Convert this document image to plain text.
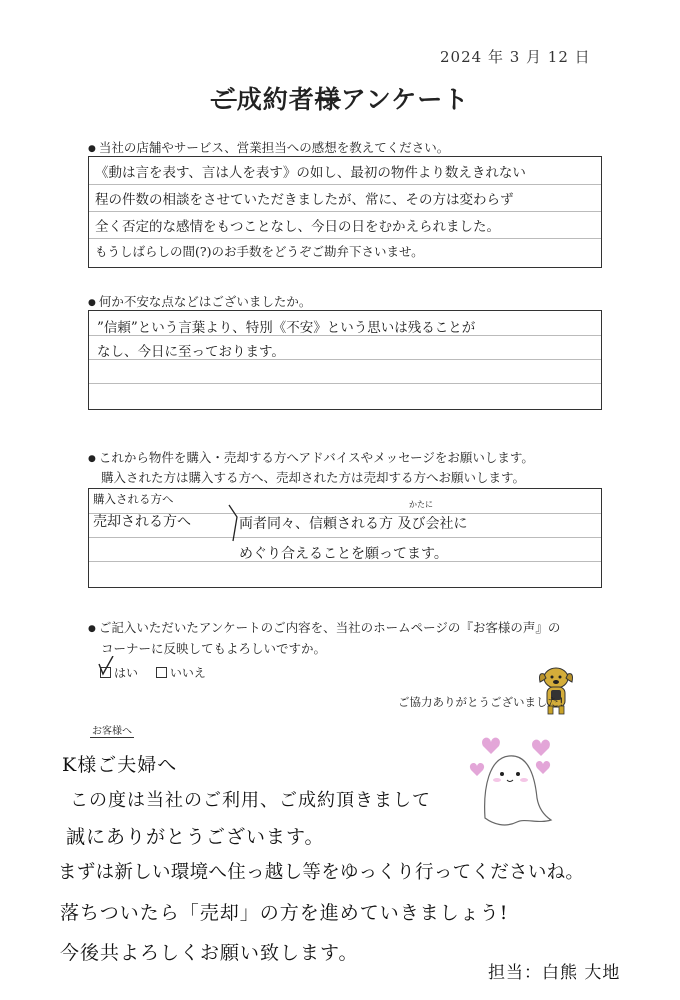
2024 年 3 月 12 日
ご成約者様アンケート
● 当社の店舗やサービス、営業担当への感想を教えてください。
《動は言を表す、言は人を表す》の如し、最初の物件より数えきれない
程の件数の相談をさせていただきましたが、常に、その方は変わらず
全く否定的な感情をもつことなし、今日の日をむかえられました。
もうしばらしの間(?)のお手数をどうぞご勘弁下さいませ。
● 何か不安な点などはございましたか。
”信頼”という言葉より、特別《不安》という思いは残ることが
なし、今日に至っております。
● これから物件を購入・売却する方へアドバイスやメッセージをお願いします。
購入された方は購入する方へ、売却された方は売却する方へお願いします。
購入される方へ
売却される方へ
かたに
両者同々、信頼される方 及び会社に
めぐり合えることを願ってます。
● ご記入いただいたアンケートのご内容を、当社のホームページの『お客様の声』の
コーナーに反映してもよろしいですか。
はい	いいえ
ご協力ありがとうございました!
お客様へ
K様ご夫婦へ
この度は当社のご利用、ご成約頂きまして
誠にありがとうございます。
まずは新しい環境へ住っ越し等をゆっくり行ってくださいね。
落ちついたら「売却」の方を進めていきましょう!
今後共よろしくお願い致します。
担当：白熊 大地
